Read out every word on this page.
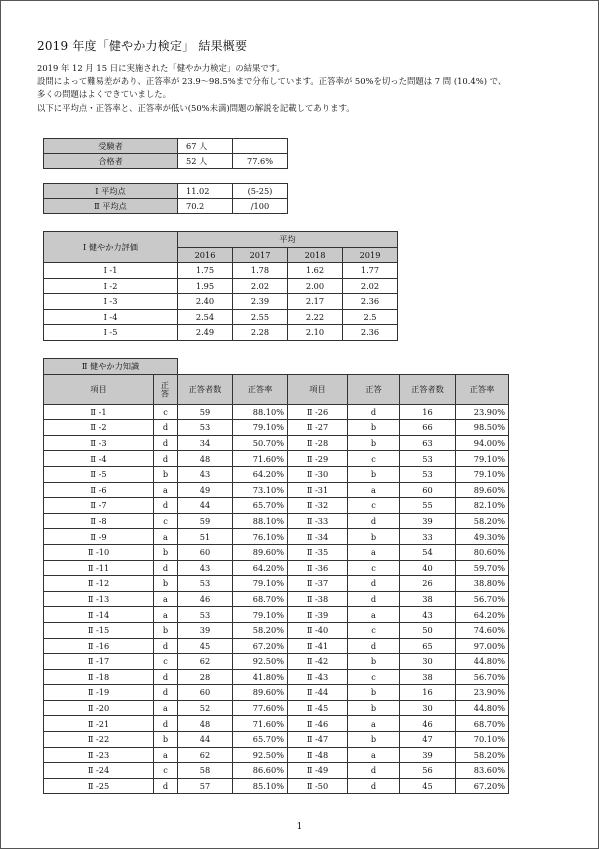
2019 年度「健やか力検定」 結果概要
2019 年 12 月 15 日に実施された「健やか力検定」の結果です。
設問によって難易差があり、正答率が 23.9～98.5%まで分布しています。正答率が 50%を切った問題は 7 問 (10.4%) で、
多くの問題はよくできていました。
以下に平均点・正答率と、正答率が低い(50%未満)問題の解説を記載してあります。
受験者	67 人	
合格者	52 人	77.6%
Ⅰ 平均点	11.02	(5-25)
Ⅱ 平均点	70.2	/100
Ⅰ 健やか力評価	平均			
	2016	2017	2018	2019
Ⅰ -1	1.75	1.78	1.62	1.77
Ⅰ -2	1.95	2.02	2.00	2.02
Ⅰ -3	2.40	2.39	2.17	2.36
Ⅰ -4	2.54	2.55	2.22	2.5
Ⅰ -5	2.49	2.28	2.10	2.36
Ⅱ 健やか力知識							
項目	正答	正答者数	正答率	項目	正答	正答者数	正答率
Ⅱ -1	c	59	88.10%	Ⅱ -26	d	16	23.90%
Ⅱ -2	d	53	79.10%	Ⅱ -27	b	66	98.50%
Ⅱ -3	d	34	50.70%	Ⅱ -28	b	63	94.00%
Ⅱ -4	d	48	71.60%	Ⅱ -29	c	53	79.10%
Ⅱ -5	b	43	64.20%	Ⅱ -30	b	53	79.10%
Ⅱ -6	a	49	73.10%	Ⅱ -31	a	60	89.60%
Ⅱ -7	d	44	65.70%	Ⅱ -32	c	55	82.10%
Ⅱ -8	c	59	88.10%	Ⅱ -33	d	39	58.20%
Ⅱ -9	a	51	76.10%	Ⅱ -34	b	33	49.30%
Ⅱ -10	b	60	89.60%	Ⅱ -35	a	54	80.60%
Ⅱ -11	d	43	64.20%	Ⅱ -36	c	40	59.70%
Ⅱ -12	b	53	79.10%	Ⅱ -37	d	26	38.80%
Ⅱ -13	a	46	68.70%	Ⅱ -38	d	38	56.70%
Ⅱ -14	a	53	79.10%	Ⅱ -39	a	43	64.20%
Ⅱ -15	b	39	58.20%	Ⅱ -40	c	50	74.60%
Ⅱ -16	d	45	67.20%	Ⅱ -41	d	65	97.00%
Ⅱ -17	c	62	92.50%	Ⅱ -42	b	30	44.80%
Ⅱ -18	d	28	41.80%	Ⅱ -43	c	38	56.70%
Ⅱ -19	d	60	89.60%	Ⅱ -44	b	16	23.90%
Ⅱ -20	a	52	77.60%	Ⅱ -45	b	30	44.80%
Ⅱ -21	d	48	71.60%	Ⅱ -46	a	46	68.70%
Ⅱ -22	b	44	65.70%	Ⅱ -47	b	47	70.10%
Ⅱ -23	a	62	92.50%	Ⅱ -48	a	39	58.20%
Ⅱ -24	c	58	86.60%	Ⅱ -49	d	56	83.60%
Ⅱ -25	d	57	85.10%	Ⅱ -50	d	45	67.20%
1
